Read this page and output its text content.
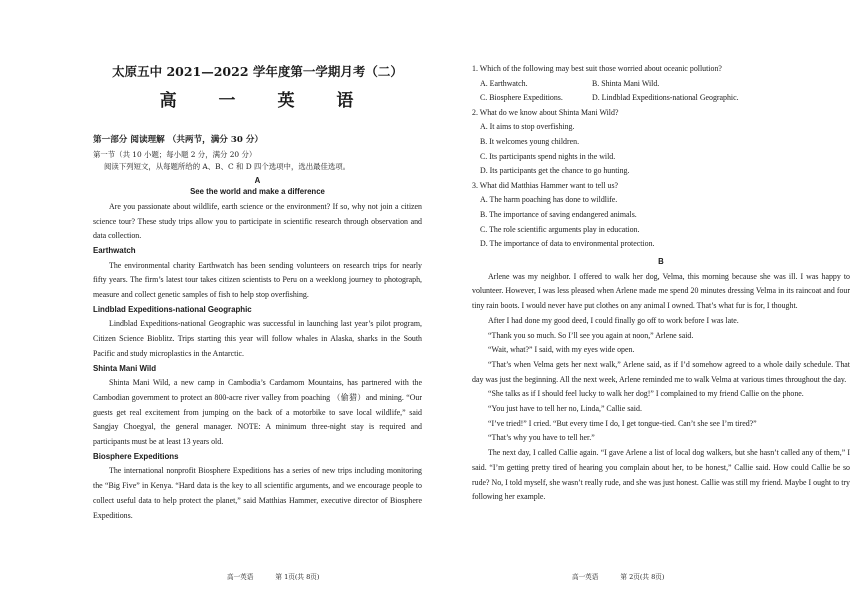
太原五中 2021—2022 学年度第一学期月考（二）

高 一 英 语

第一部分 阅读理解 （共两节，满分 30 分）

第一节（共 10 小题；每小题 2 分，满分 20 分）

阅读下列短文，从每题所给的 A、B、C 和 D 四个选项中，选出最佳选项。

A

See the world and make a difference

Are you passionate about wildlife, earth science or the environment? If so, why not join a citizen science tour? These study trips allow you to participate in scientific research through observation and data collection.

Earthwatch

The environmental charity Earthwatch has been sending volunteers on research trips for nearly fifty years. The firm’s latest tour takes citizen scientists to Peru on a weeklong journey to photograph, measure and collect genetic samples of fish to help stop overfishing.

Lindblad Expeditions-national Geographic

Lindblad Expeditions-national Geographic was successful in launching last year’s pilot program, Citizen Science Bioblitz. Trips starting this year will follow whales in Alaska, sharks in the South Pacific and study microplastics in the Antarctic.

Shinta Mani Wild

Shinta Mani Wild, a new camp in Cambodia’s Cardamom Mountains, has partnered with the Cambodian government to protect an 800-acre river valley from poaching （偷猎）and mining. “Our guests get real excitement from jumping on the back of a motorbike to save local wildlife,” said Sangjay Choegyal, the general manager. NOTE: A minimum three-night stay is required and participants must be at least 13 years old.

Biosphere Expeditions

The international nonprofit Biosphere Expeditions has a series of new trips including monitoring the “Big Five” in Kenya. “Hard data is the key to all scientific arguments, and we encourage people to collect useful data to help protect the planet,” said Matthias Hammer, executive director of Biosphere Expeditions.

1. Which of the following may best suit those worried about oceanic pollution?

A. Earthwatch.	B. Shinta Mani Wild.

C. Biosphere Expeditions.	D. Lindblad Expeditions-national Geographic.

2. What do we know about Shinta Mani Wild?

A. It aims to stop overfishing.

B. It welcomes young children.

C. Its participants spend nights in the wild.

D. Its participants get the chance to go hunting.

3. What did Matthias Hammer want to tell us?

A. The harm poaching has done to wildlife.

B. The importance of saving endangered animals.

C. The role scientific arguments play in education.

D. The importance of data to environmental protection.

B

Arlene was my neighbor. I offered to walk her dog, Velma, this morning because she was ill. I was happy to volunteer. However, I was less pleased when Arlene made me spend 20 minutes dressing Velma in its raincoat and four tiny rain boots. I would never have put clothes on any animal I owned. That’s what fur is for, I thought.

After I had done my good deed, I could finally go off to work before I was late.

“Thank you so much. So I’ll see you again at noon,” Arlene said.

“Wait, what?” I said, with my eyes wide open.

“That’s when Velma gets her next walk,” Arlene said, as if I’d somehow agreed to a whole daily schedule. That day was just the beginning. All the next week, Arlene reminded me to walk Velma at various times throughout the day.

“She talks as if I should feel lucky to walk her dog!” I complained to my friend Callie on the phone.

“You just have to tell her no, Linda,” Callie said.

“I’ve tried!” I cried. “But every time I do, I get tongue-tied. Can’t she see I’m tired?”

“That’s why you have to tell her.”

The next day, I called Callie again. “I gave Arlene a list of local dog walkers, but she hasn’t called any of them,” I said. “I’m getting pretty tired of hearing you complain about her, to be honest,” Callie said. How could Callie be so rude? No, I told myself, she wasn’t really rude, and she was just honest. Callie was still my friend. Maybe I ought to try following her example.

高一英语	第 1页(共 8页)	高一英语	第 2页(共 8页)
